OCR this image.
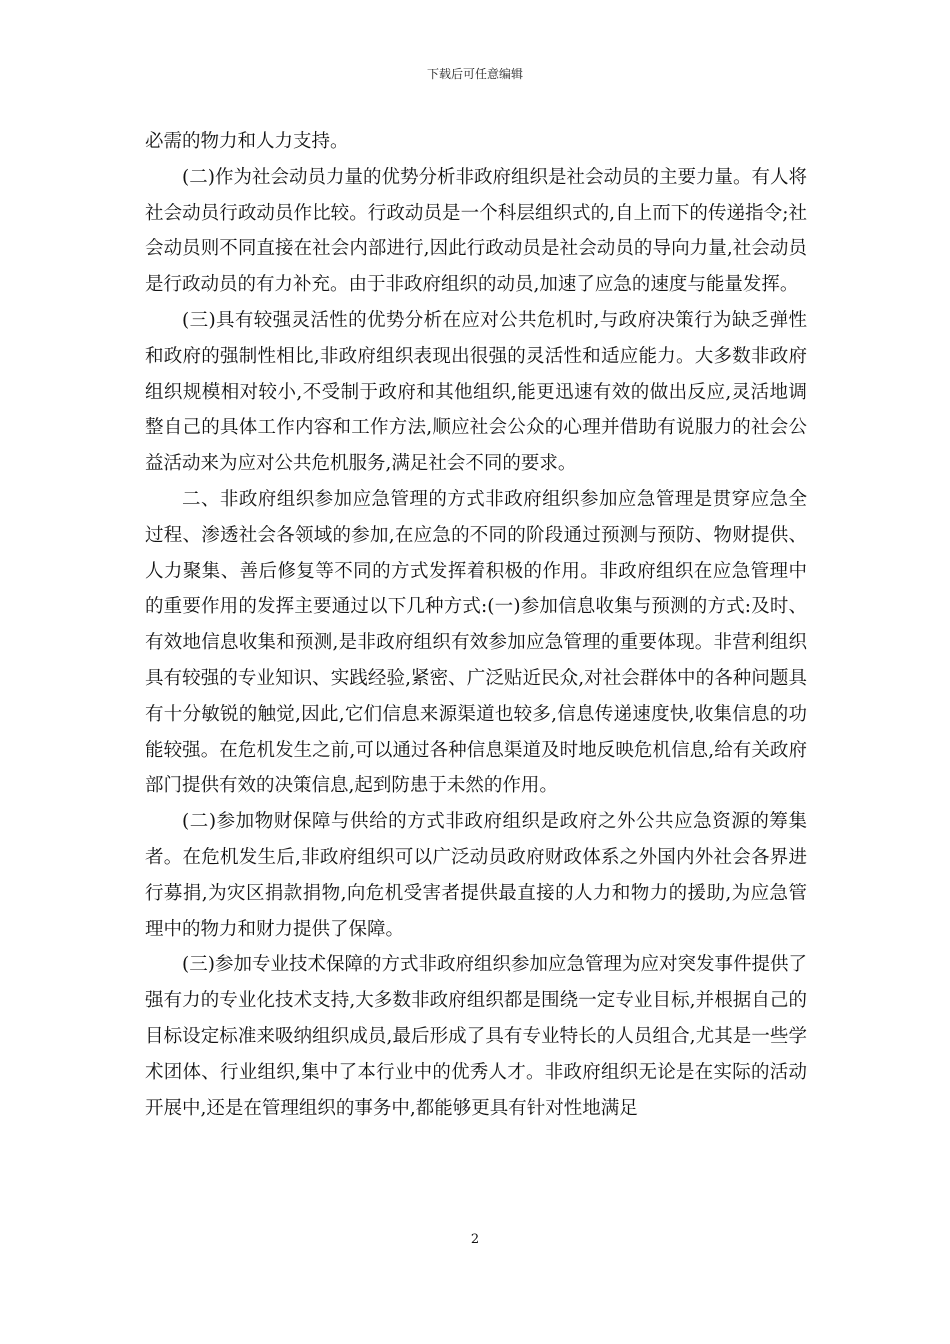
下载后可任意编辑

必需的物力和人力支持。

(二)作为社会动员力量的优势分析非政府组织是社会动员的主要力量。有人将社会动员行政动员作比较。行政动员是一个科层组织式的,自上而下的传递指令;社会动员则不同直接在社会内部进行,因此行政动员是社会动员的导向力量,社会动员是行政动员的有力补充。由于非政府组织的动员,加速了应急的速度与能量发挥。

(三)具有较强灵活性的优势分析在应对公共危机时,与政府决策行为缺乏弹性和政府的强制性相比,非政府组织表现出很强的灵活性和适应能力。大多数非政府组织规模相对较小,不受制于政府和其他组织,能更迅速有效的做出反应,灵活地调整自己的具体工作内容和工作方法,顺应社会公众的心理并借助有说服力的社会公益活动来为应对公共危机服务,满足社会不同的要求。

二、非政府组织参加应急管理的方式非政府组织参加应急管理是贯穿应急全过程、渗透社会各领域的参加,在应急的不同的阶段通过预测与预防、物财提供、人力聚集、善后修复等不同的方式发挥着积极的作用。非政府组织在应急管理中的重要作用的发挥主要通过以下几种方式:(一)参加信息收集与预测的方式:及时、有效地信息收集和预测,是非政府组织有效参加应急管理的重要体现。非营利组织具有较强的专业知识、实践经验,紧密、广泛贴近民众,对社会群体中的各种问题具有十分敏锐的触觉,因此,它们信息来源渠道也较多,信息传递速度快,收集信息的功能较强。在危机发生之前,可以通过各种信息渠道及时地反映危机信息,给有关政府部门提供有效的决策信息,起到防患于未然的作用。

(二)参加物财保障与供给的方式非政府组织是政府之外公共应急资源的筹集者。在危机发生后,非政府组织可以广泛动员政府财政体系之外国内外社会各界进行募捐,为灾区捐款捐物,向危机受害者提供最直接的人力和物力的援助,为应急管理中的物力和财力提供了保障。

(三)参加专业技术保障的方式非政府组织参加应急管理为应对突发事件提供了强有力的专业化技术支持,大多数非政府组织都是围绕一定专业目标,并根据自己的目标设定标准来吸纳组织成员,最后形成了具有专业特长的人员组合,尤其是一些学术团体、行业组织,集中了本行业中的优秀人才。非政府组织无论是在实际的活动开展中,还是在管理组织的事务中,都能够更具有针对性地满足

2
